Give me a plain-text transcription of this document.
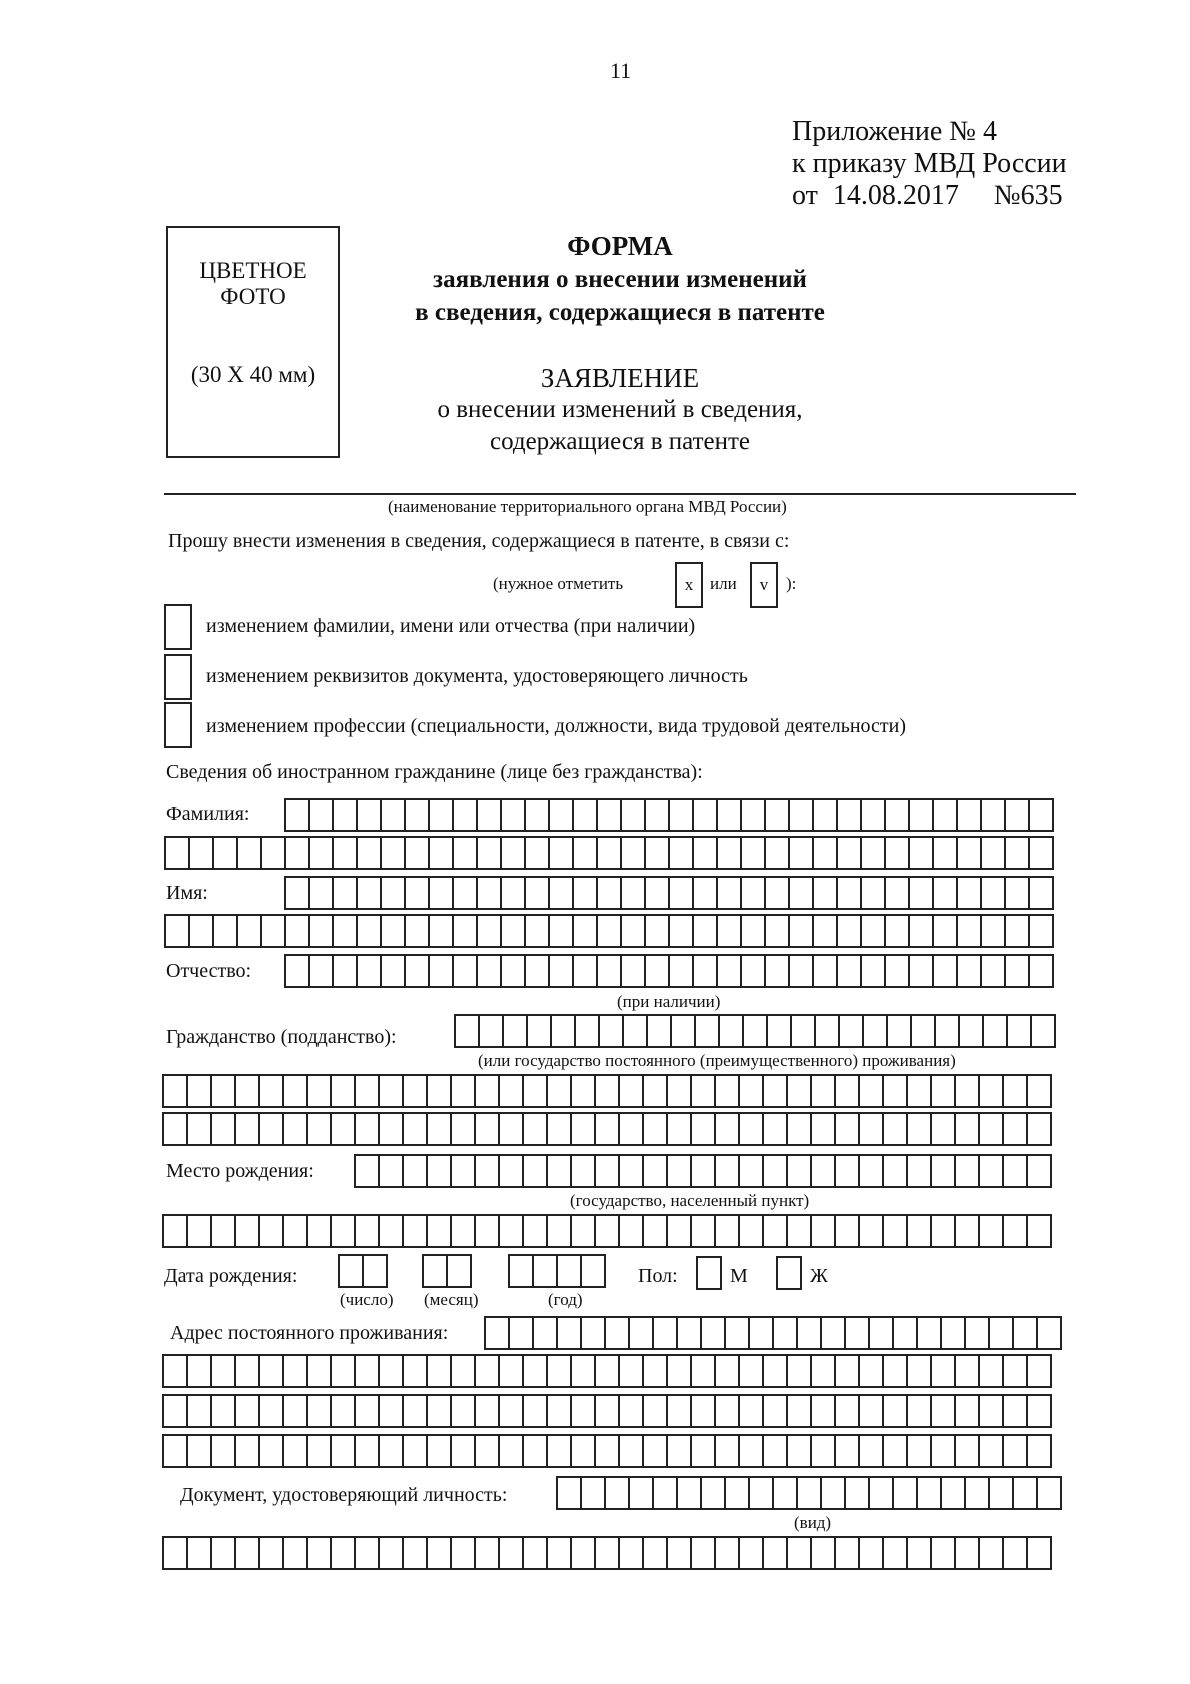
11
Приложение № 4
к приказу МВД России
от 14.08.2017 №635
ЦВЕТНОЕ
ФОТО
(30 Х 40 мм)
ФОРМА
заявления о внесении изменений
в сведения, содержащиеся в патенте
ЗАЯВЛЕНИЕ
о внесении изменений в сведения,
содержащиеся в патенте
(наименование территориального органа МВД России)
Прошу внести изменения в сведения, содержащиеся в патенте, в связи с:
(нужное отметить	x или	v	):
изменением фамилии, имени или отчества (при наличии)
изменением реквизитов документа, удостоверяющего личность
изменением профессии (специальности, должности, вида трудовой деятельности)
Сведения об иностранном гражданине (лице без гражданства):
Фамилия:
Имя:
Отчество:
(при наличии)
Гражданство (подданство):
(или государство постоянного (преимущественного) проживания)
Место рождения:
(государство, населенный пункт)
Дата рождения:
(число) (месяц)	(год)
Пол:	М	Ж
Адрес постоянного проживания:
Документ, удостоверяющий личность:
(вид)
